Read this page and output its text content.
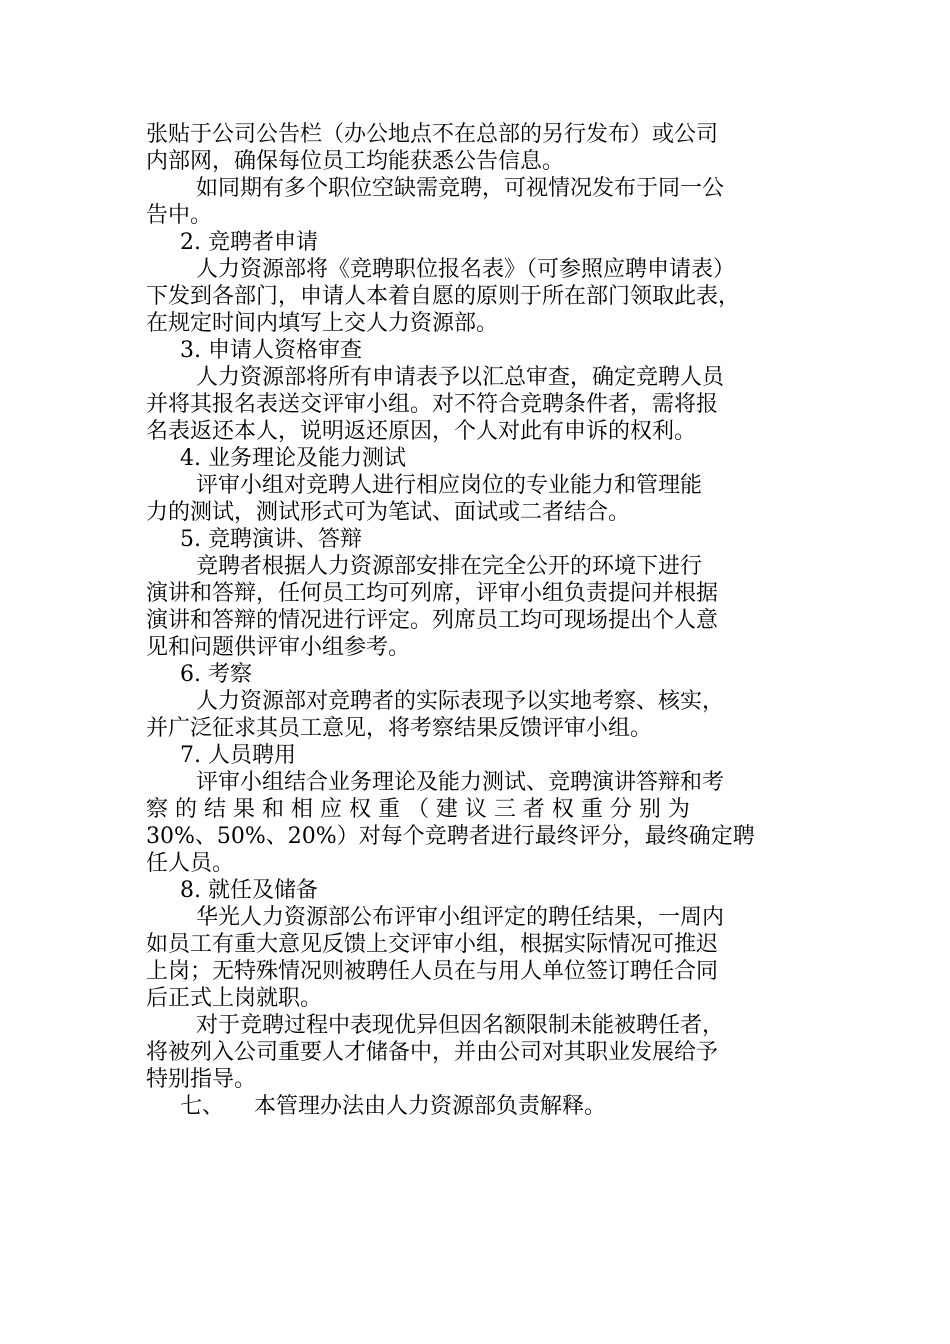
张贴于公司公告栏（办公地点不在总部的另行发布）或公司
内部网，确保每位员工均能获悉公告信息。
如同期有多个职位空缺需竞聘，可视情况发布于同一公
告中。
2. 竞聘者申请
人力资源部将《竞聘职位报名表》（可参照应聘申请表）
下发到各部门，申请人本着自愿的原则于所在部门领取此表，
在规定时间内填写上交人力资源部。
3. 申请人资格审查
人力资源部将所有申请表予以汇总审查，确定竞聘人员
并将其报名表送交评审小组。对不符合竞聘条件者，需将报
名表返还本人，说明返还原因，个人对此有申诉的权利。
4. 业务理论及能力测试
评审小组对竞聘人进行相应岗位的专业能力和管理能
力的测试，测试形式可为笔试、面试或二者结合。
5. 竞聘演讲、答辩
竞聘者根据人力资源部安排在完全公开的环境下进行
演讲和答辩，任何员工均可列席，评审小组负责提问并根据
演讲和答辩的情况进行评定。列席员工均可现场提出个人意
见和问题供评审小组参考。
6. 考察
人力资源部对竞聘者的实际表现予以实地考察、核实，
并广泛征求其员工意见，将考察结果反馈评审小组。
7. 人员聘用
评审小组结合业务理论及能力测试、竞聘演讲答辩和考
察 的 结 果 和 相 应 权 重 （ 建 议 三 者 权 重 分 别 为
30%、50%、20%）对每个竞聘者进行最终评分，最终确定聘
任人员。
8. 就任及储备
华光人力资源部公布评审小组评定的聘任结果，一周内
如员工有重大意见反馈上交评审小组，根据实际情况可推迟
上岗；无特殊情况则被聘任人员在与用人单位签订聘任合同
后正式上岗就职。
对于竞聘过程中表现优异但因名额限制未能被聘任者，
将被列入公司重要人才储备中，并由公司对其职业发展给予
特别指导。
七、 本管理办法由人力资源部负责解释。
